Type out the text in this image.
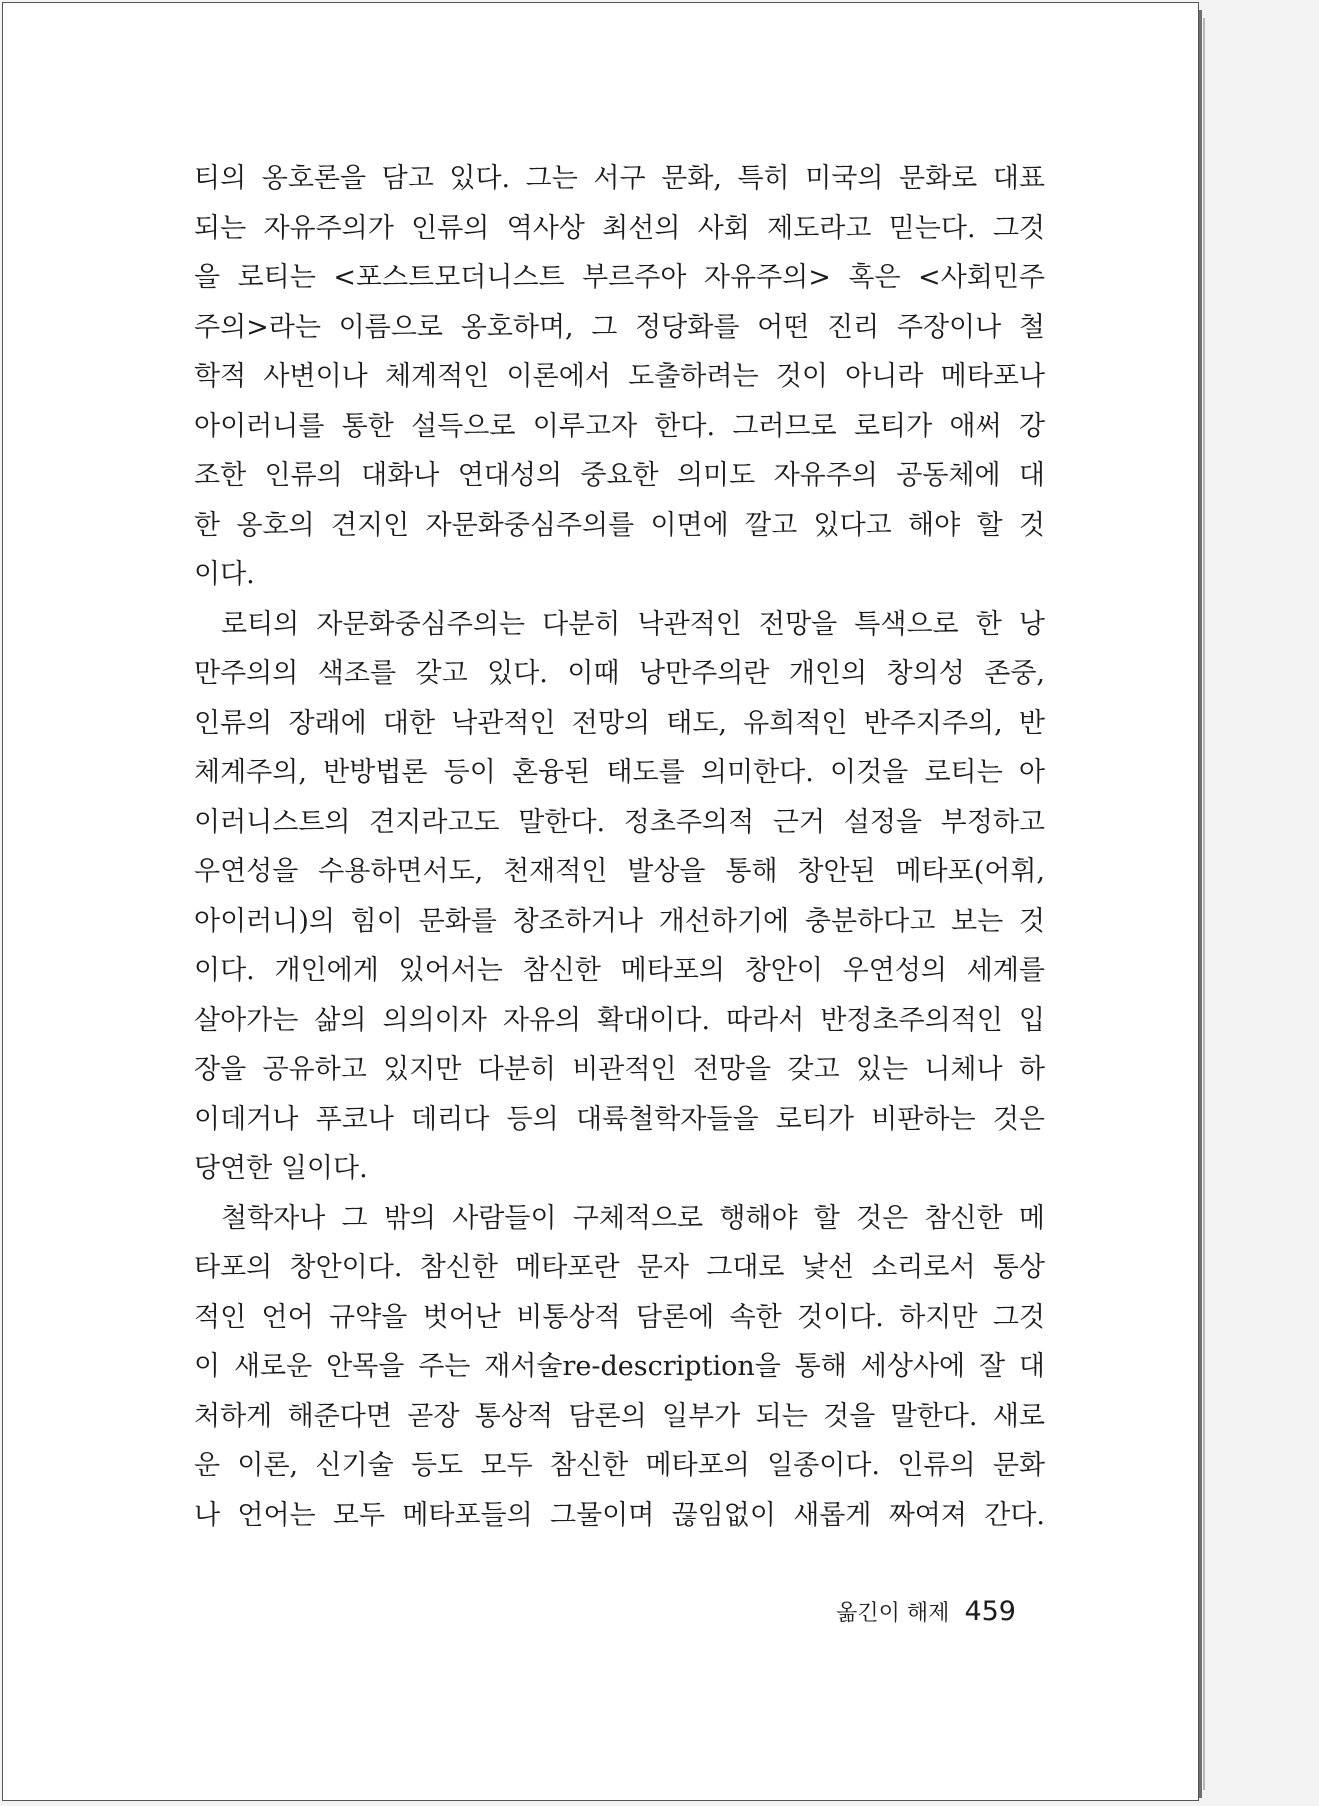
티의 옹호론을 담고 있다. 그는 서구 문화, 특히 미국의 문화로 대표
되는 자유주의가 인류의 역사상 최선의 사회 제도라고 믿는다. 그것
을 로티는 <포스트모더니스트 부르주아 자유주의> 혹은 <사회민주
주의>라는 이름으로 옹호하며, 그 정당화를 어떤 진리 주장이나 철
학적 사변이나 체계적인 이론에서 도출하려는 것이 아니라 메타포나
아이러니를 통한 설득으로 이루고자 한다. 그러므로 로티가 애써 강
조한 인류의 대화나 연대성의 중요한 의미도 자유주의 공동체에 대
한 옹호의 견지인 자문화중심주의를 이면에 깔고 있다고 해야 할 것
이다.
로티의 자문화중심주의는 다분히 낙관적인 전망을 특색으로 한 낭
만주의의 색조를 갖고 있다. 이때 낭만주의란 개인의 창의성 존중,
인류의 장래에 대한 낙관적인 전망의 태도, 유희적인 반주지주의, 반
체계주의, 반방법론 등이 혼융된 태도를 의미한다. 이것을 로티는 아
이러니스트의 견지라고도 말한다. 정초주의적 근거 설정을 부정하고
우연성을 수용하면서도, 천재적인 발상을 통해 창안된 메타포(어휘,
아이러니)의 힘이 문화를 창조하거나 개선하기에 충분하다고 보는 것
이다. 개인에게 있어서는 참신한 메타포의 창안이 우연성의 세계를
살아가는 삶의 의의이자 자유의 확대이다. 따라서 반정초주의적인 입
장을 공유하고 있지만 다분히 비관적인 전망을 갖고 있는 니체나 하
이데거나 푸코나 데리다 등의 대륙철학자들을 로티가 비판하는 것은
당연한 일이다.
철학자나 그 밖의 사람들이 구체적으로 행해야 할 것은 참신한 메
타포의 창안이다. 참신한 메타포란 문자 그대로 낯선 소리로서 통상
적인 언어 규약을 벗어난 비통상적 담론에 속한 것이다. 하지만 그것
이 새로운 안목을 주는 재서술re-description을 통해 세상사에 잘 대
처하게 해준다면 곧장 통상적 담론의 일부가 되는 것을 말한다. 새로
운 이론, 신기술 등도 모두 참신한 메타포의 일종이다. 인류의 문화
나 언어는 모두 메타포들의 그물이며 끊임없이 새롭게 짜여져 간다.
옮긴이 해제 459
